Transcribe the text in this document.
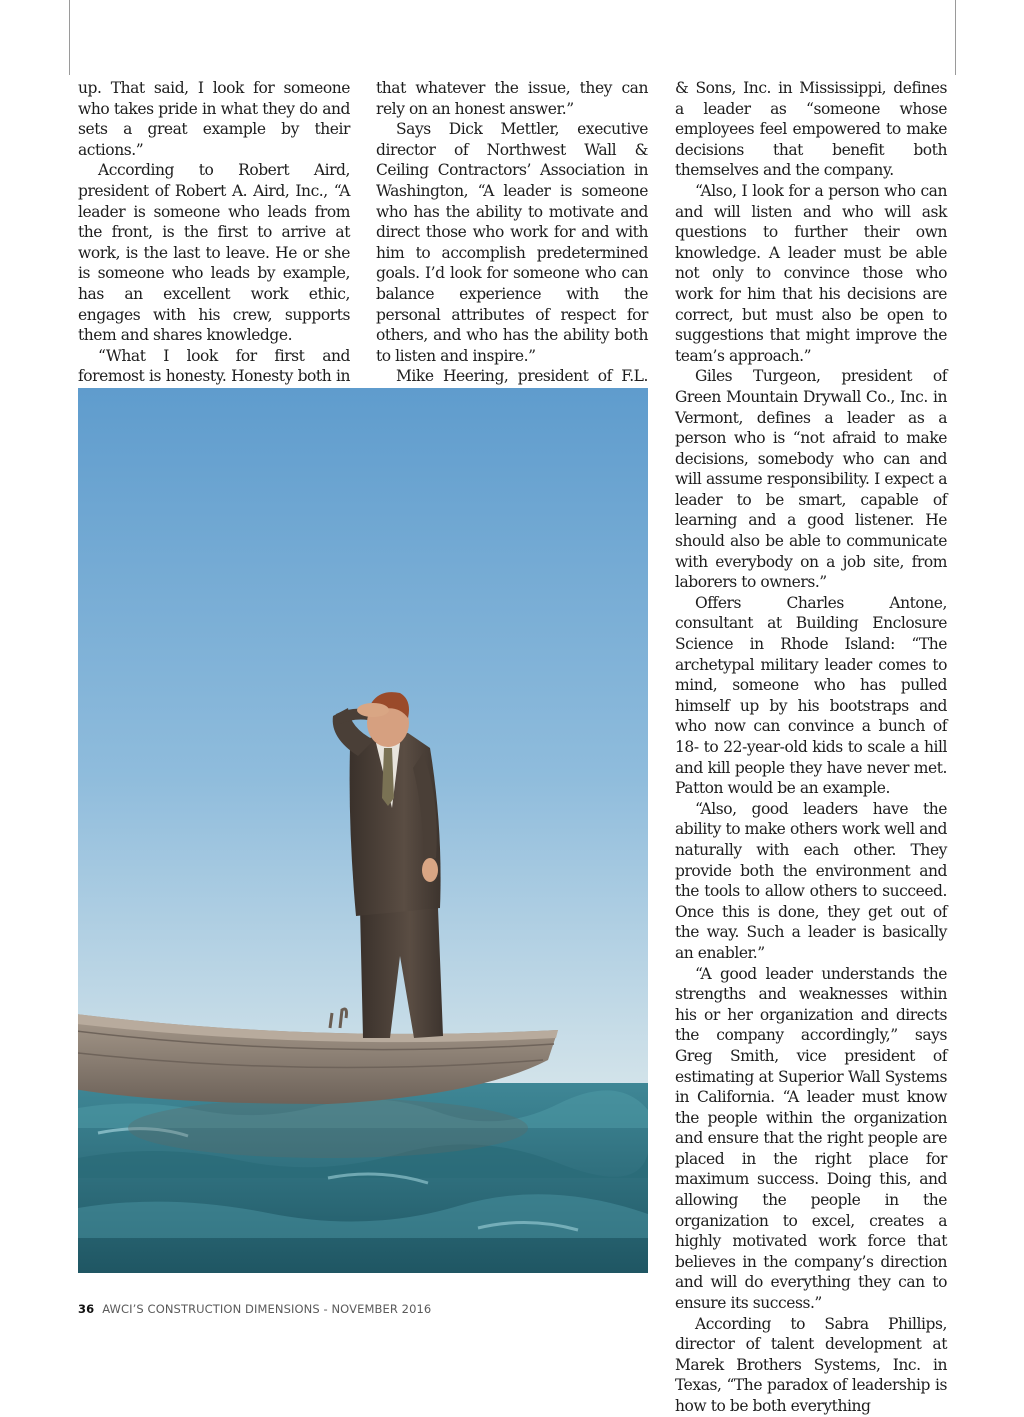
up. That said, I look for someone who takes pride in what they do and sets a great example by their actions.”

According to Robert Aird, president of Robert A. Aird, Inc., “A leader is someone who leads from the front, is the first to arrive at work, is the last to leave. He or she is someone who leads by example, has an excellent work ethic, engages with his crew, supports them and shares knowledge.

“What I look for first and foremost is honesty. Honesty both in

that whatever the issue, they can rely on an honest answer.”

Says Dick Mettler, executive director of Northwest Wall & Ceiling Contractors’ Association in Washington, “A leader is someone who has the ability to motivate and direct those who work for and with him to accomplish predetermined goals. I’d look for someone who can balance experience with the personal attributes of respect for others, and who has the ability both to listen and inspire.”

Mike Heering, president of F.L.

& Sons, Inc. in Mississippi, defines a leader as “someone whose employees feel empowered to make decisions that benefit both themselves and the company.

“Also, I look for a person who can and will listen and who will ask questions to further their own knowledge. A leader must be able not only to convince those who work for him that his decisions are correct, but must also be open to suggestions that might improve the team’s approach.”

Giles Turgeon, president of Green Mountain Drywall Co., Inc. in Vermont, defines a leader as a person who is “not afraid to make decisions, somebody who can and will assume responsibility. I expect a leader to be smart, capable of learning and a good listener. He should also be able to communicate with everybody on a job site, from laborers to owners.”

Offers Charles Antone, consultant at Building Enclosure Science in Rhode Island: “The archetypal military leader comes to mind, someone who has pulled himself up by his bootstraps and who now can convince a bunch of 18- to 22-year-old kids to scale a hill and kill people they have never met. Patton would be an example.

“Also, good leaders have the ability to make others work well and naturally with each other. They provide both the environment and the tools to allow others to succeed. Once this is done, they get out of the way. Such a leader is basically an enabler.”

“A good leader understands the strengths and weaknesses within his or her organization and directs the company accordingly,” says Greg Smith, vice president of estimating at Superior Wall Systems in California. “A leader must know the people within the organization and ensure that the right people are placed in the right place for maximum success. Doing this, and allowing the people in the organization to excel, creates a highly motivated work force that believes in the company’s direction and will do everything they can to ensure its success.”

According to Sabra Phillips, director of talent development at Marek Brothers Systems, Inc. in Texas, “The paradox of leadership is how to be both everything

36 AWCI’S CONSTRUCTION DIMENSIONS - NOVEMBER 2016
